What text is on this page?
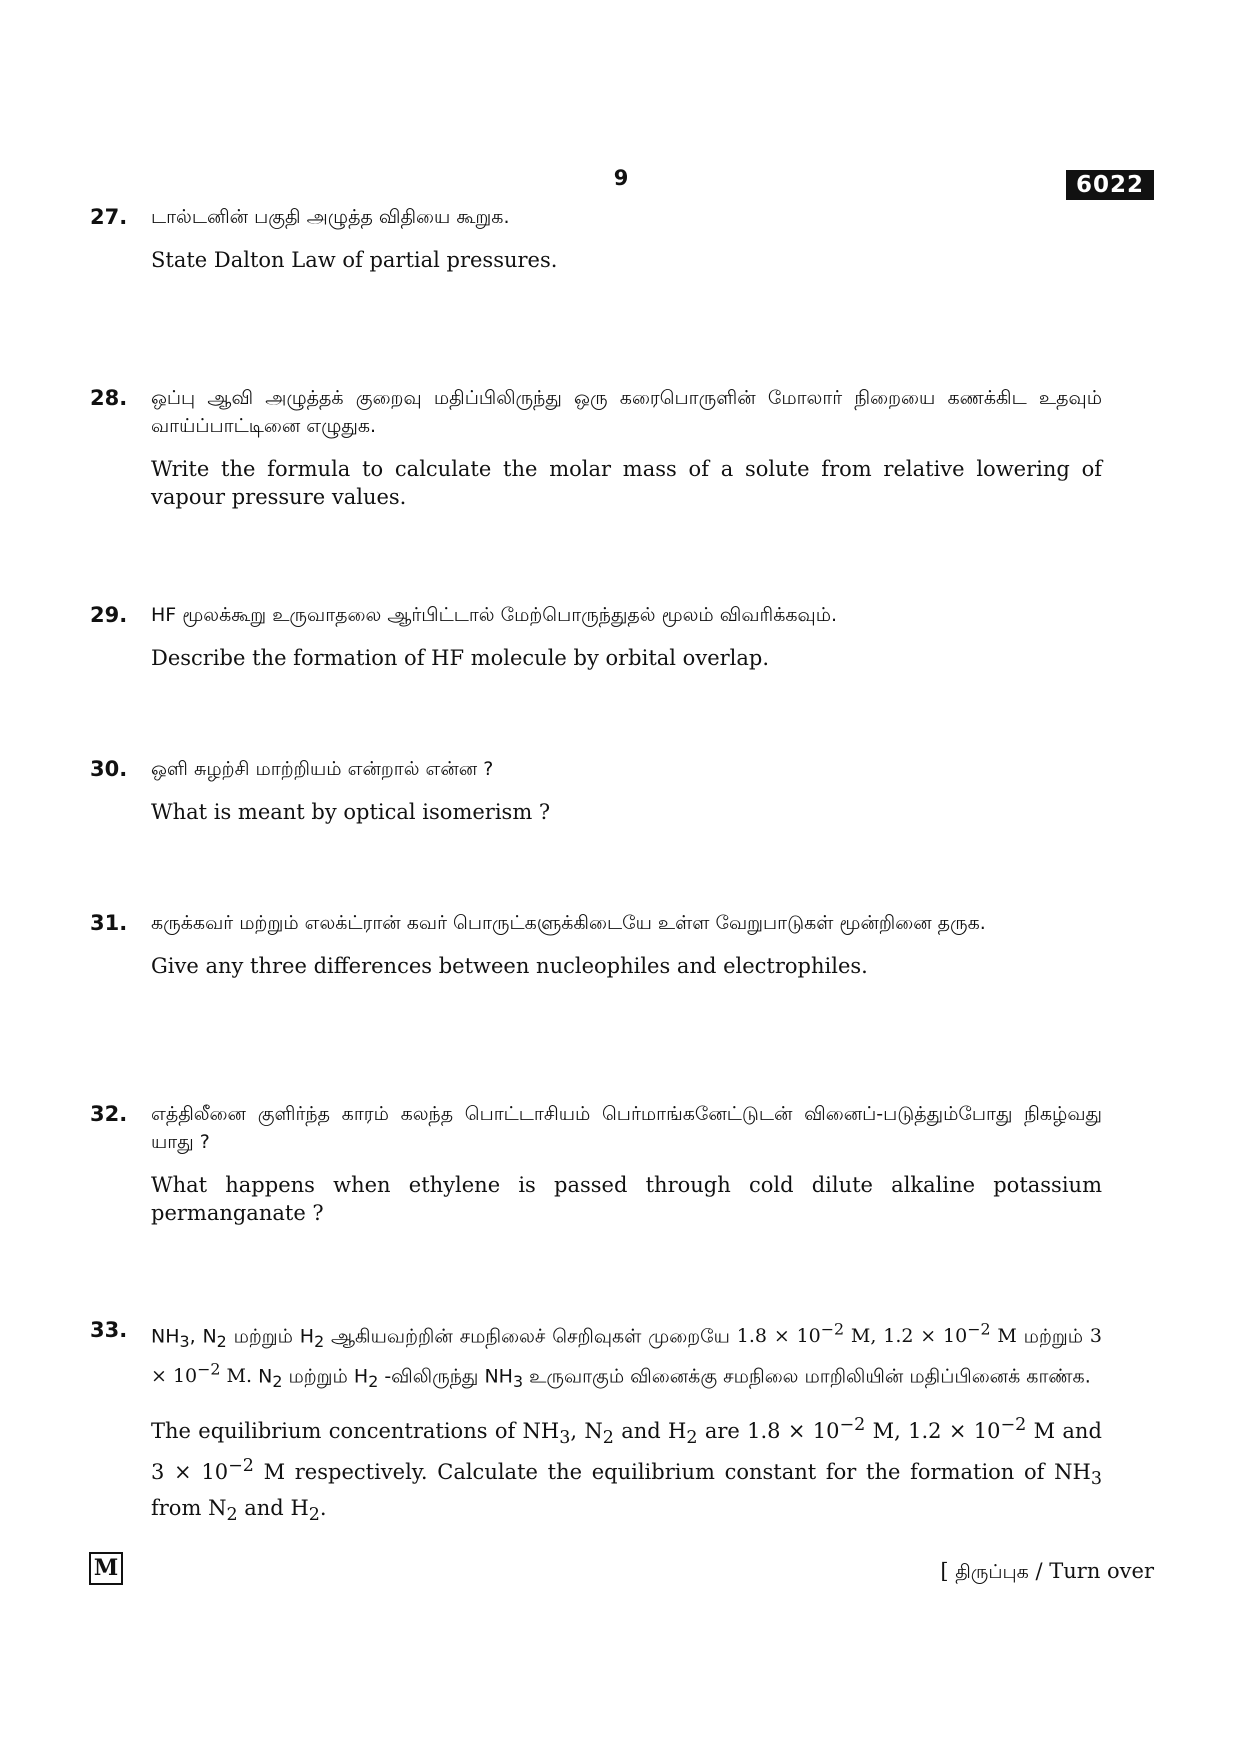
9	6022
27.	டால்டனின் பகுதி அழுத்த விதியை கூறுக.

State Dalton Law of partial pressures.

28.	ஒப்பு ஆவி அழுத்தக் குறைவு மதிப்பிலிருந்து ஒரு கரைபொருளின் மோலார் நிறையை கணக்கிட உதவும் வாய்ப்பாட்டினை எழுதுக.

Write the formula to calculate the molar mass of a solute from relative lowering of vapour pressure values.

29.	HF மூலக்கூறு உருவாதலை ஆர்பிட்டால் மேற்பொருந்துதல் மூலம் விவரிக்கவும்.

Describe the formation of HF molecule by orbital overlap.

30.	ஒளி சுழற்சி மாற்றியம் என்றால் என்ன ?

What is meant by optical isomerism ?

31.	கருக்கவர் மற்றும் எலக்ட்ரான் கவர் பொருட்களுக்கிடையே உள்ள வேறுபாடுகள் மூன்றினை தருக.

Give any three differences between nucleophiles and electrophiles.

32.	எத்திலீனை குளிர்ந்த காரம் கலந்த பொட்டாசியம் பெர்மாங்கனேட்டுடன் வினைப்-படுத்தும்போது நிகழ்வது யாது ?

What happens when ethylene is passed through cold dilute alkaline potassium permanganate ?

33.	$NH_3$, $N_2$ மற்றும் $H_2$ ஆகியவற்றின் சமநிலைச் செறிவுகள் முறையே $1.8 \times 10^{-2}$ M, $1.2 \times 10^{-2}$ M மற்றும் $3 \times 10^{-2}$ M. $N_2$ மற்றும் $H_2$ -விலிருந்து $NH_3$ உருவாகும் வினைக்கு சமநிலை மாறிலியின் மதிப்பினைக் காண்க.

The equilibrium concentrations of $NH_3$, $N_2$ and $H_2$ are $1.8 \times 10^{-2}$ M, $1.2 \times 10^{-2}$ M and $3 \times 10^{-2}$ M respectively. Calculate the equilibrium constant for the formation of $NH_3$ from $N_2$ and $H_2$.

M	[ திருப்புக / Turn over
